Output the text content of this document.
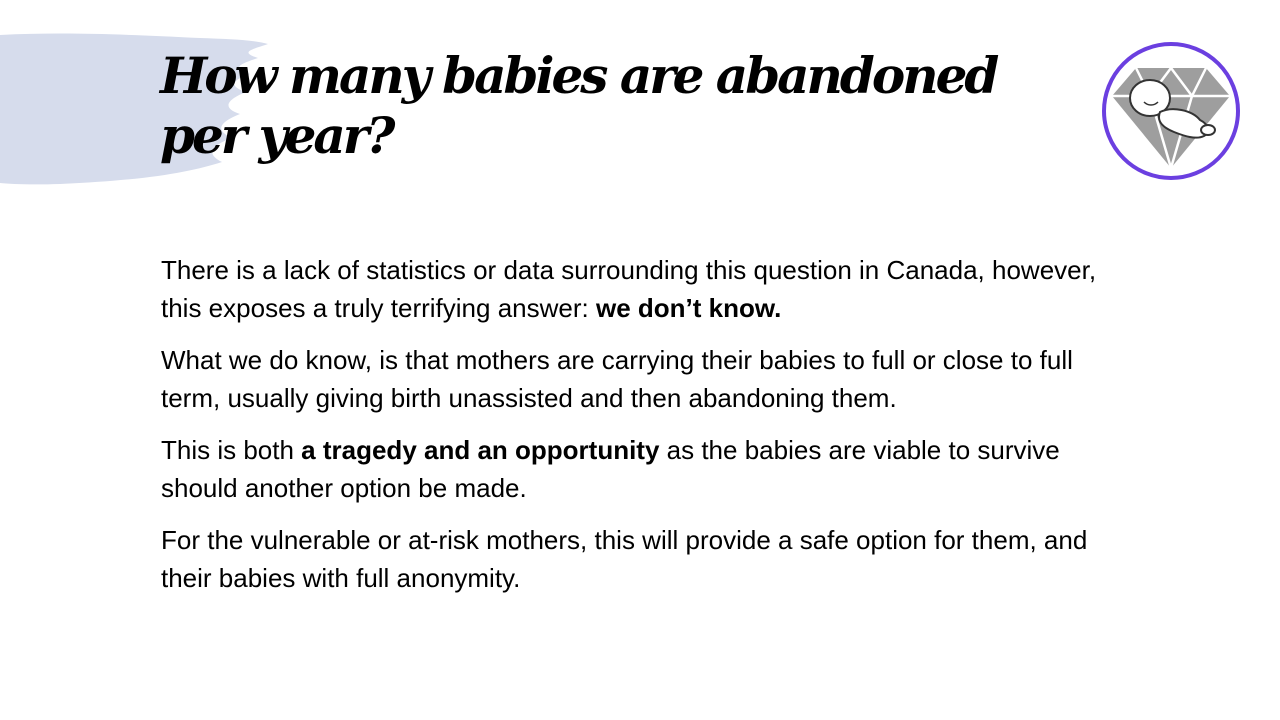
How many babies are abandoned
per year?

There is a lack of statistics or data surrounding this question in Canada, however, this exposes a truly terrifying answer: we don’t know.

What we do know, is that mothers are carrying their babies to full or close to full term, usually giving birth unassisted and then abandoning them.

This is both a tragedy and an opportunity as the babies are viable to survive should another option be made.

For the vulnerable or at-risk mothers, this will provide a safe option for them, and their babies with full anonymity.
